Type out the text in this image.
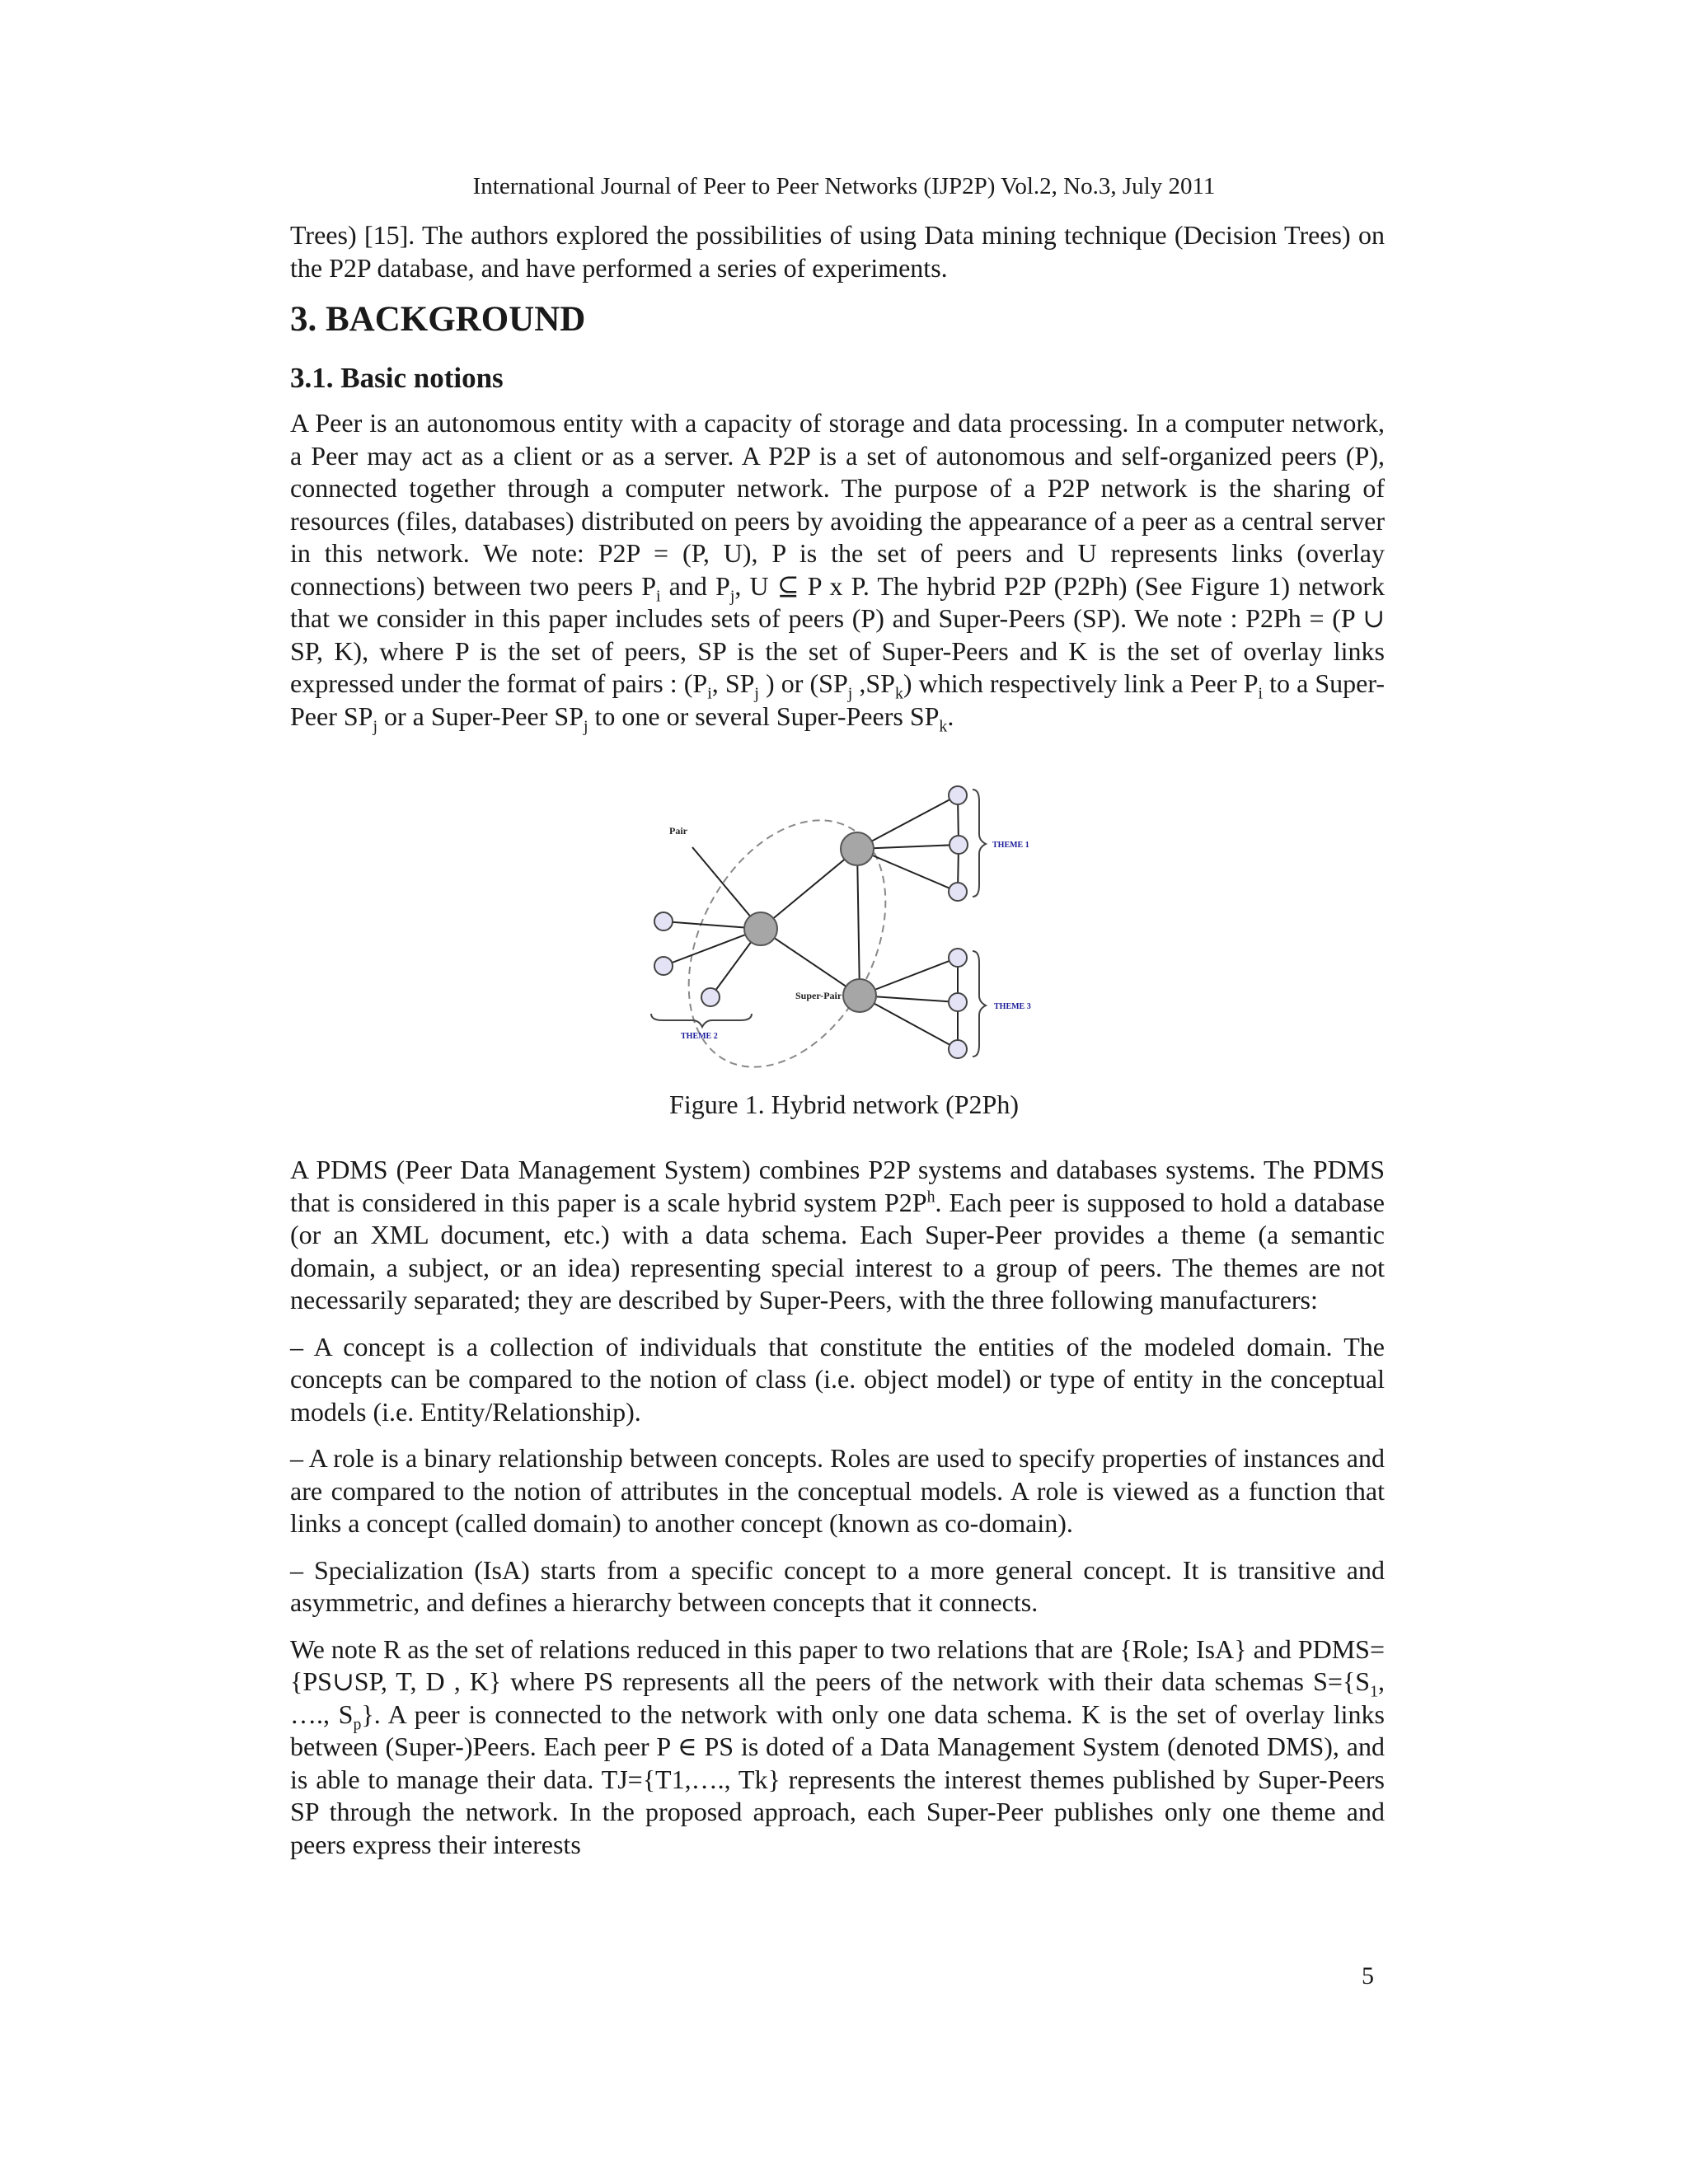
International Journal of Peer to Peer Networks (IJP2P) Vol.2, No.3, July 2011

Trees) [15]. The authors explored the possibilities of using Data mining technique (Decision Trees) on the P2P database, and have performed a series of experiments.

3. BACKGROUND
3.1. Basic notions

A Peer is an autonomous entity with a capacity of storage and data processing. In a computer network, a Peer may act as a client or as a server. A P2P is a set of autonomous and self-organized peers (P), connected together through a computer network. The purpose of a P2P network is the sharing of resources (files, databases) distributed on peers by avoiding the appearance of a peer as a central server in this network. We note: P2P = (P, U), P is the set of peers and U represents links (overlay connections) between two peers $P_i$ and $P_j$, U ⊆ P x P. The hybrid P2P (P2Ph) (See Figure 1) network that we consider in this paper includes sets of peers (P) and Super-Peers (SP). We note : P2Ph = (P ∪ SP, K), where P is the set of peers, SP is the set of Super-Peers and K is the set of overlay links expressed under the format of pairs : ($P_i$, $SP_j$ ) or ($SP_j$ $,SP_k$) which respectively link a Peer $P_i$ to a Super-Peer $SP_j$ or a Super-Peer $SP_j$ to one or several Super-Peers $SP_k$.

Pair
Super-Pair
THEME 1
THEME 3
THEME 2
Figure 1. Hybrid network (P2Ph)

A PDMS (Peer Data Management System) combines P2P systems and databases systems. The PDMS that is considered in this paper is a scale hybrid system $P2P^h$. Each peer is supposed to hold a database (or an XML document, etc.) with a data schema. Each Super-Peer provides a theme (a semantic domain, a subject, or an idea) representing special interest to a group of peers. The themes are not necessarily separated; they are described by Super-Peers, with the three following manufacturers:

– A concept is a collection of individuals that constitute the entities of the modeled domain. The concepts can be compared to the notion of class (i.e. object model) or type of entity in the conceptual models (i.e. Entity/Relationship).

– A role is a binary relationship between concepts. Roles are used to specify properties of instances and are compared to the notion of attributes in the conceptual models. A role is viewed as a function that links a concept (called domain) to another concept (known as co-domain).

– Specialization (IsA) starts from a specific concept to a more general concept. It is transitive and asymmetric, and defines a hierarchy between concepts that it connects.

We note R as the set of relations reduced in this paper to two relations that are {Role; IsA} and PDMS={PS∪SP, T, D , K} where PS represents all the peers of the network with their data schemas $S=\{S_1$, …., $S_p$}. A peer is connected to the network with only one data schema. K is the set of overlay links between (Super-)Peers. Each peer P ∈ PS is doted of a Data Management System (denoted DMS), and is able to manage their data. TJ={T1,…., Tk} represents the interest themes published by Super-Peers SP through the network. In the proposed approach, each Super-Peer publishes only one theme and peers express their interests

5
